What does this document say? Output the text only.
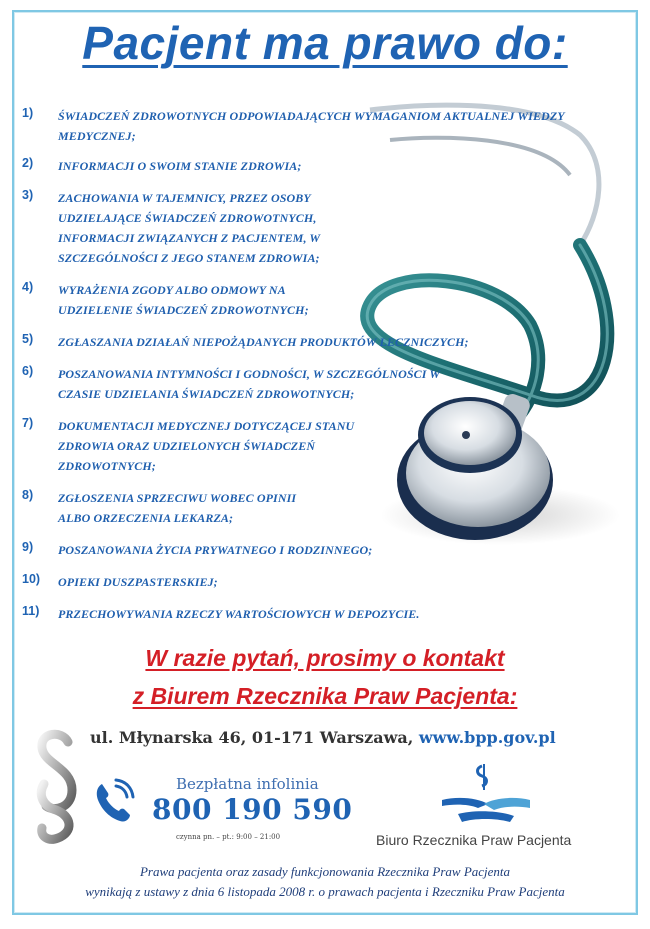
Pacjent ma prawo do:
1)	ŚWIADCZEŃ ZDROWOTNYCH ODPOWIADAJĄCYCH WYMAGANIOM AKTUALNEJ WIEDZY MEDYCZNEJ;
2)	INFORMACJI O SWOIM STANIE ZDROWIA;
3)	ZACHOWANIA W TAJEMNICY, PRZEZ OSOBY UDZIELAJĄCE ŚWIADCZEŃ ZDROWOTNYCH, INFORMACJI ZWIĄZANYCH Z PACJENTEM, W SZCZEGÓLNOŚCI Z JEGO STANEM ZDROWIA;
4)	WYRAŻENIA ZGODY ALBO ODMOWY NA UDZIELENIE ŚWIADCZEŃ ZDROWOTNYCH;
5)	ZGŁASZANIA DZIAŁAŃ NIEPOŻĄDANYCH PRODUKTÓW LECZNICZYCH;
6)	POSZANOWANIA INTYMNOŚCI I GODNOŚCI, W SZCZEGÓLNOŚCI W CZASIE UDZIELANIA ŚWIADCZEŃ ZDROWOTNYCH;
7)	DOKUMENTACJI MEDYCZNEJ DOTYCZĄCEJ STANU ZDROWIA ORAZ UDZIELONYCH ŚWIADCZEŃ ZDROWOTNYCH;
8)	ZGŁOSZENIA SPRZECIWU WOBEC OPINII ALBO ORZECZENIA LEKARZA;
9)	POSZANOWANIA ŻYCIA PRYWATNEGO I RODZINNEGO;
10)	OPIEKI DUSZPASTERSKIEJ;
11)	PRZECHOWYWANIA RZECZY WARTOŚCIOWYCH W DEPOZYCIE.
W razie pytań, prosimy o kontakt
z Biurem Rzecznika Praw Pacjenta:
ul. Młynarska 46, 01-171 Warszawa, www.bpp.gov.pl
Bezpłatna infolinia
800 190 590
czynna pn. – pt.: 9:00 – 21:00	Biuro Rzecznika Praw Pacjenta
Prawa pacjenta oraz zasady funkcjonowania Rzecznika Praw Pacjenta
wynikają z ustawy z dnia 6 listopada 2008 r. o prawach pacjenta i Rzeczniku Praw Pacjenta
